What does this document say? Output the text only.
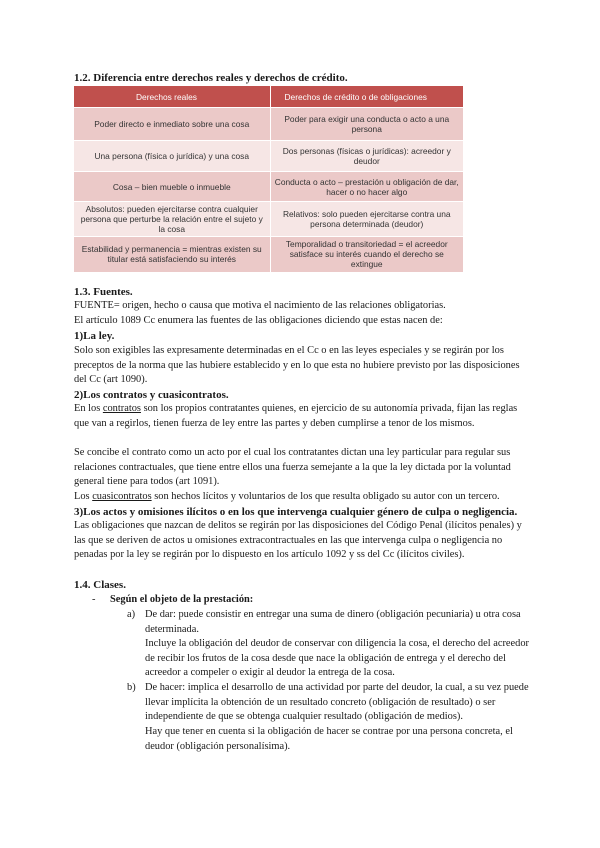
1.2. Diferencia entre derechos reales y derechos de crédito.
Derechos reales	Derechos de crédito o de obligaciones
Poder directo e inmediato sobre una cosa	Poder para exigir una conducta o acto a una persona
Una persona (física o jurídica) y una cosa	Dos personas (físicas o jurídicas): acreedor y deudor
Cosa – bien mueble o inmueble	Conducta o acto – prestación u obligación de dar, hacer o no hacer algo
Absolutos: pueden ejercitarse contra cualquier persona que perturbe la relación entre el sujeto y la cosa	Relativos: solo pueden ejercitarse contra una persona determinada (deudor)
Estabilidad y permanencia = mientras existen su titular está satisfaciendo su interés	Temporalidad o transitoriedad = el acreedor satisface su interés cuando el derecho se extingue
1.3. Fuentes.
FUENTE= origen, hecho o causa que motiva el nacimiento de las relaciones obligatorias.
El artículo 1089 Cc enumera las fuentes de las obligaciones diciendo que estas nacen de:
1)La ley.
Solo son exigibles las expresamente determinadas en el Cc o en las leyes especiales y se regirán por los preceptos de la norma que las hubiere establecido y en lo que esta no hubiere previsto por las disposiciones del Cc (art 1090).
2)Los contratos y cuasicontratos.
En los contratos son los propios contratantes quienes, en ejercicio de su autonomía privada, fijan las reglas que van a regirlos, tienen fuerza de ley entre las partes y deben cumplirse a tenor de los mismos.
Se concibe el contrato como un acto por el cual los contratantes dictan una ley particular para regular sus relaciones contractuales, que tiene entre ellos una fuerza semejante a la que la ley dictada por la voluntad general tiene para todos (art 1091).
Los cuasicontratos son hechos lícitos y voluntarios de los que resulta obligado su autor con un tercero.
3)Los actos y omisiones ilícitos o en los que intervenga cualquier género de culpa o negligencia.
Las obligaciones que nazcan de delitos se regirán por las disposiciones del Código Penal (ilícitos penales) y las que se deriven de actos u omisiones extracontractuales en las que intervenga culpa o negligencia no penadas por la ley se regirán por lo dispuesto en los artículo 1092 y ss del Cc (ilícitos civiles).
1.4. Clases.
- Según el objeto de la prestación:
a) De dar: puede consistir en entregar una suma de dinero (obligación pecuniaria) u otra cosa determinada.
Incluye la obligación del deudor de conservar con diligencia la cosa, el derecho del acreedor de recibir los frutos de la cosa desde que nace la obligación de entrega y el derecho del acreedor a compeler o exigir al deudor la entrega de la cosa.
b) De hacer: implica el desarrollo de una actividad por parte del deudor, la cual, a su vez puede llevar implícita la obtención de un resultado concreto (obligación de resultado) o ser independiente de que se obtenga cualquier resultado (obligación de medios).
Hay que tener en cuenta si la obligación de hacer se contrae por una persona concreta, el deudor (obligación personalísima).
